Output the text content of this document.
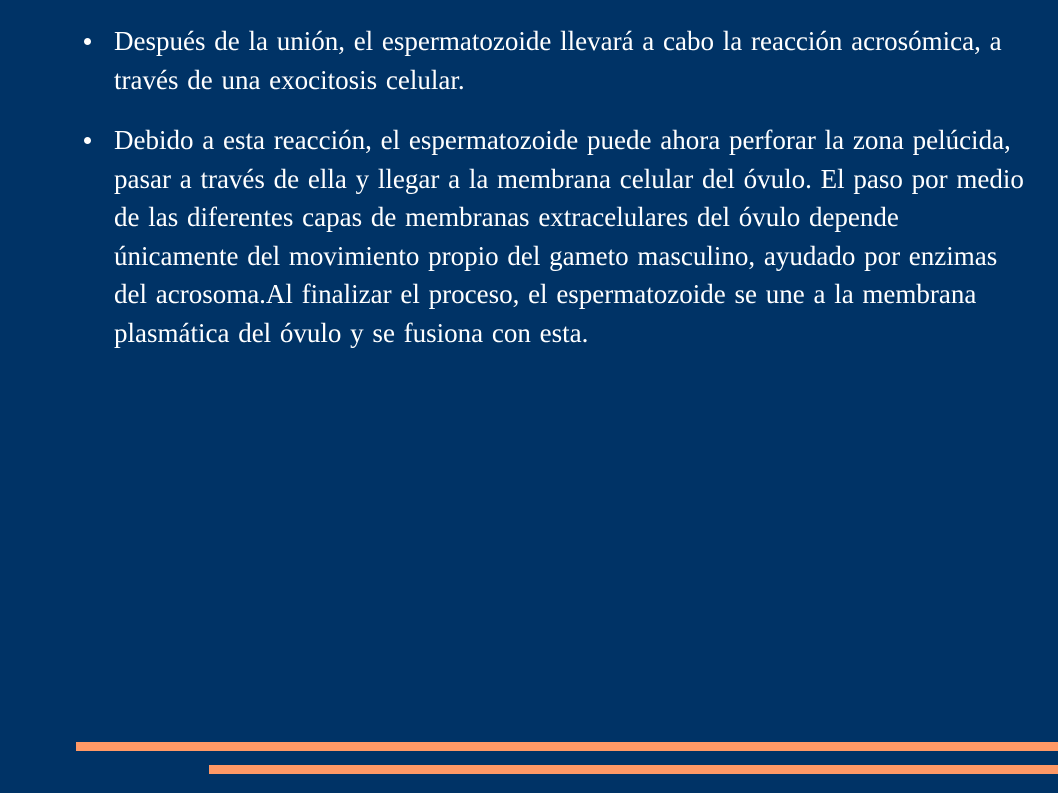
Después de la unión, el espermatozoide llevará a cabo la reacción acrosómica, a través de una exocitosis celular.
Debido a esta reacción, el espermatozoide puede ahora perforar la zona pelúcida, pasar a través de ella y llegar a la membrana celular del óvulo. El paso por medio de las diferentes capas de membranas extracelulares del óvulo depende únicamente del movimiento propio del gameto masculino, ayudado por enzimas del acrosoma.Al finalizar el proceso, el espermatozoide se une a la membrana plasmática del óvulo y se fusiona con esta.
